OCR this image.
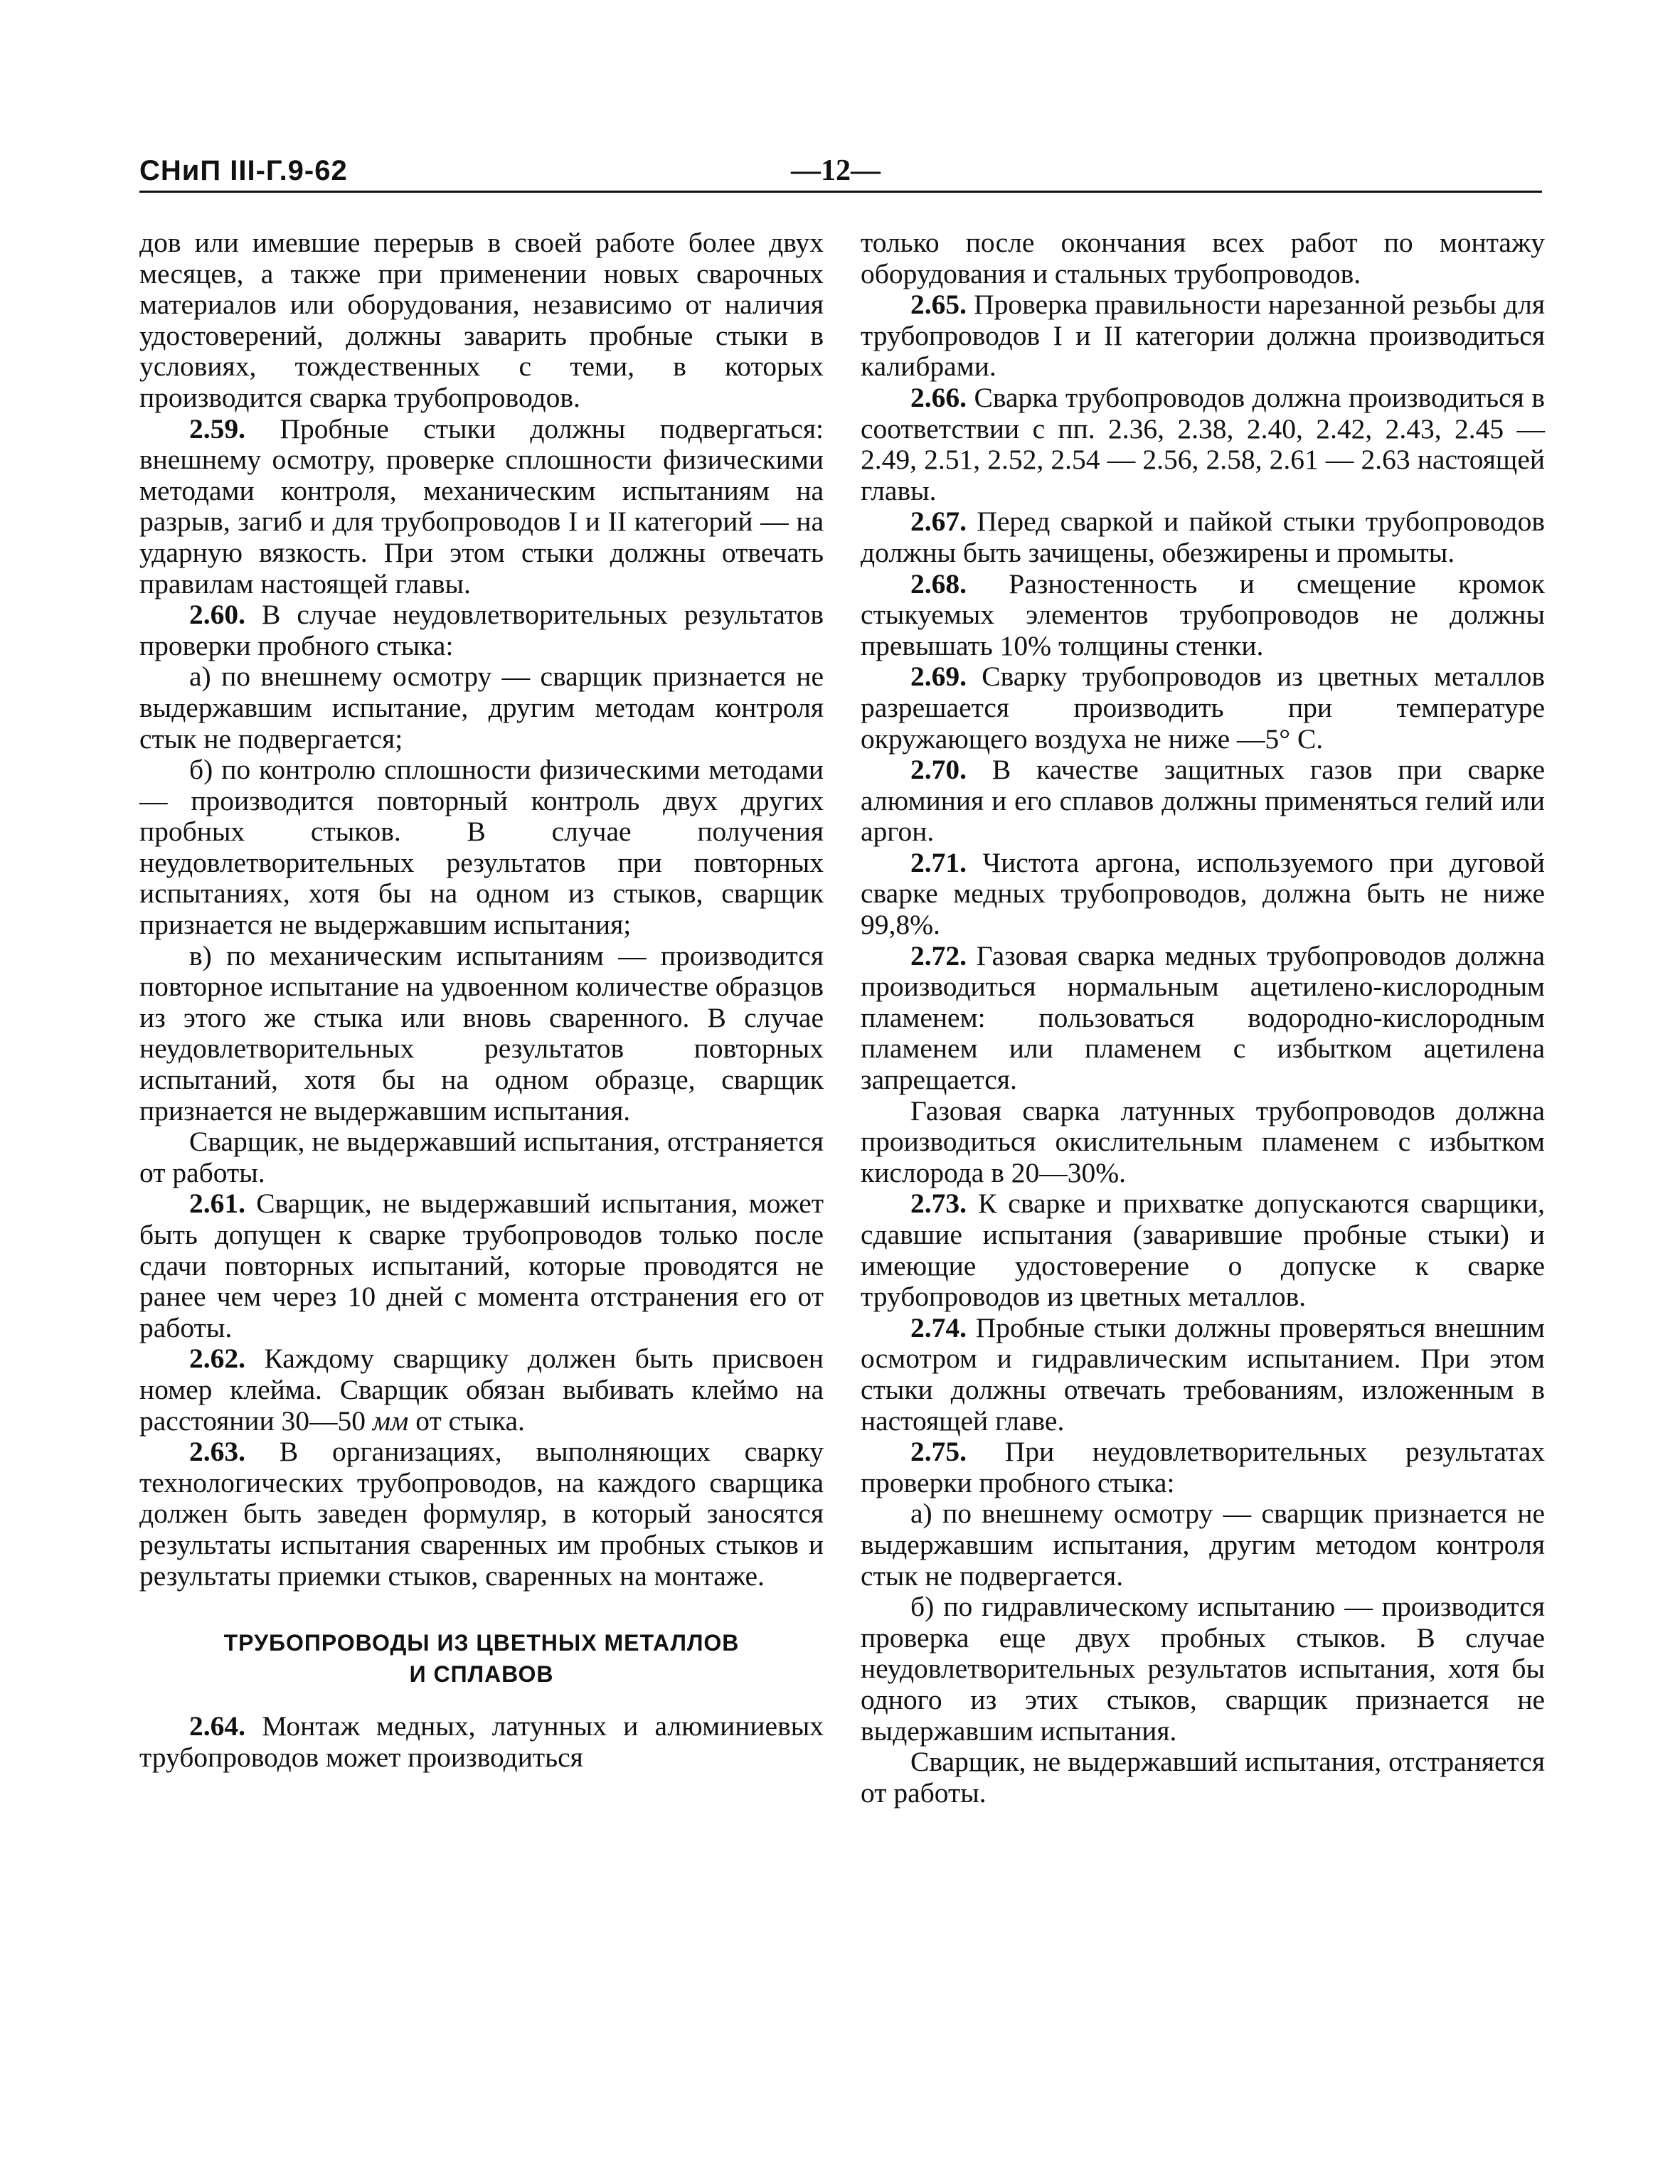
СНиП III-Г.9-62	—12—

дов или имевшие перерыв в своей работе более двух месяцев, а также при применении новых сварочных материалов или оборудования, независимо от наличия удостоверений, должны заварить пробные стыки в условиях, тождественных с теми, в которых производится сварка трубопроводов.

2.59. Пробные стыки должны подвергаться: внешнему осмотру, проверке сплошности физическими методами контроля, механическим испытаниям на разрыв, загиб и для трубопроводов I и II категорий — на ударную вязкость. При этом стыки должны отвечать правилам настоящей главы.

2.60. В случае неудовлетворительных результатов проверки пробного стыка:

а) по внешнему осмотру — сварщик признается не выдержавшим испытание, другим методам контроля стык не подвергается;

б) по контролю сплошности физическими методами — производится повторный контроль двух других пробных стыков. В случае получения неудовлетворительных результатов при повторных испытаниях, хотя бы на одном из стыков, сварщик признается не выдержавшим испытания;

в) по механическим испытаниям — производится повторное испытание на удвоенном количестве образцов из этого же стыка или вновь сваренного. В случае неудовлетворительных результатов повторных испытаний, хотя бы на одном образце, сварщик признается не выдержавшим испытания.

Сварщик, не выдержавший испытания, отстраняется от работы.

2.61. Сварщик, не выдержавший испытания, может быть допущен к сварке трубопроводов только после сдачи повторных испытаний, которые проводятся не ранее чем через 10 дней с момента отстранения его от работы.

2.62. Каждому сварщику должен быть присвоен номер клейма. Сварщик обязан выбивать клеймо на расстоянии 30—50 мм от стыка.

2.63. В организациях, выполняющих сварку технологических трубопроводов, на каждого сварщика должен быть заведен формуляр, в который заносятся результаты испытания сваренных им пробных стыков и результаты приемки стыков, сваренных на монтаже.

ТРУБОПРОВОДЫ ИЗ ЦВЕТНЫХ МЕТАЛЛОВ
И СПЛАВОВ

2.64. Монтаж медных, латунных и алюминиевых трубопроводов может производиться

только после окончания всех работ по монтажу оборудования и стальных трубопроводов.

2.65. Проверка правильности нарезанной резьбы для трубопроводов I и II категории должна производиться калибрами.

2.66. Сварка трубопроводов должна производиться в соответствии с пп. 2.36, 2.38, 2.40, 2.42, 2.43, 2.45 — 2.49, 2.51, 2.52, 2.54 — 2.56, 2.58, 2.61 — 2.63 настоящей главы.

2.67. Перед сваркой и пайкой стыки трубопроводов должны быть зачищены, обезжирены и промыты.

2.68. Разностенность и смещение кромок стыкуемых элементов трубопроводов не должны превышать 10% толщины стенки.

2.69. Сварку трубопроводов из цветных металлов разрешается производить при температуре окружающего воздуха не ниже —5° С.

2.70. В качестве защитных газов при сварке алюминия и его сплавов должны применяться гелий или аргон.

2.71. Чистота аргона, используемого при дуговой сварке медных трубопроводов, должна быть не ниже 99,8%.

2.72. Газовая сварка медных трубопроводов должна производиться нормальным ацетилено-кислородным пламенем: пользоваться водородно-кислородным пламенем или пламенем с избытком ацетилена запрещается.

Газовая сварка латунных трубопроводов должна производиться окислительным пламенем с избытком кислорода в 20—30%.

2.73. К сварке и прихватке допускаются сварщики, сдавшие испытания (заварившие пробные стыки) и имеющие удостоверение о допуске к сварке трубопроводов из цветных металлов.

2.74. Пробные стыки должны проверяться внешним осмотром и гидравлическим испытанием. При этом стыки должны отвечать требованиям, изложенным в настоящей главе.

2.75. При неудовлетворительных результатах проверки пробного стыка:

а) по внешнему осмотру — сварщик признается не выдержавшим испытания, другим методом контроля стык не подвергается.

б) по гидравлическому испытанию — производится проверка еще двух пробных стыков. В случае неудовлетворительных результатов испытания, хотя бы одного из этих стыков, сварщик признается не выдержавшим испытания.

Сварщик, не выдержавший испытания, отстраняется от работы.
